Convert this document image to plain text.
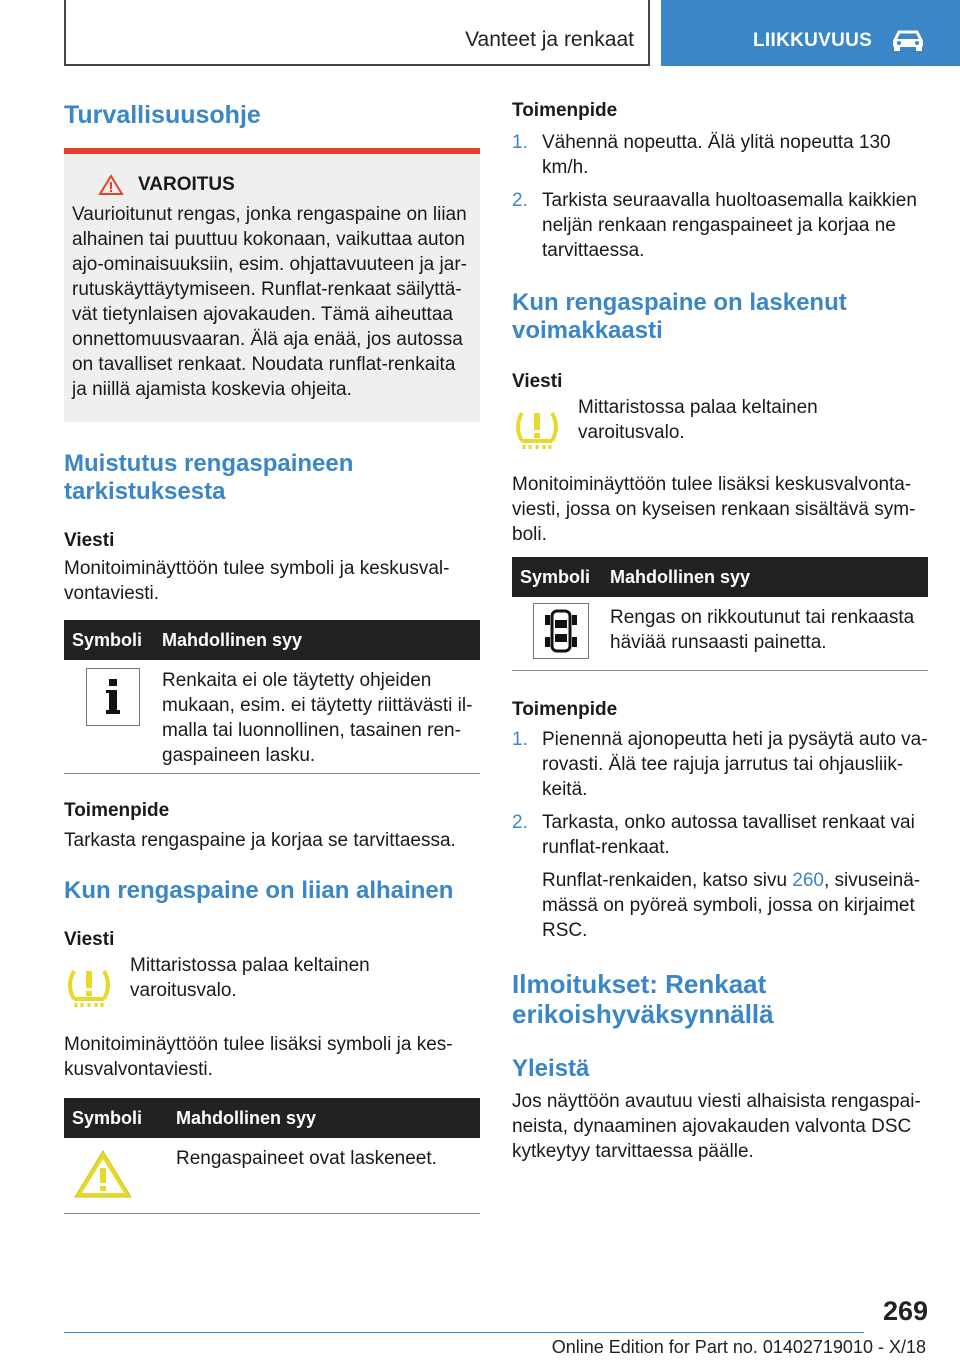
Vanteet ja renkaat	LIIKKUVUUS
Turvallisuusohje
VAROITUS
Vaurioitunut rengas, jonka rengaspaine on liian alhainen tai puuttuu kokonaan, vaikuttaa auton ajo-ominaisuuksiin, esim. ohjattavuuteen ja jarrutuskäyttäytymiseen. Runflat-renkaat säilyttävät tietynlaisen ajovakauden. Tämä aiheuttaa onnettomuusvaaran. Älä aja enää, jos autossa on tavalliset renkaat. Noudata runflat-renkaita ja niillä ajamista koskevia ohjeita.
Muistutus rengaspaineen tarkistuksesta
Viesti
Monitoiminäyttöön tulee symboli ja keskusvalvontaviesti.
Symboli	Mahdollinen syy
Renkaita ei ole täytetty ohjeiden mukaan, esim. ei täytetty riittävästi ilmalla tai luonnollinen, tasainen rengaspaineen lasku.
Toimenpide
Tarkasta rengaspaine ja korjaa se tarvittaessa.
Kun rengaspaine on liian alhainen
Viesti
Mittaristossa palaa keltainen varoitusvalo.
Monitoiminäyttöön tulee lisäksi symboli ja keskusvalvontaviesti.
Symboli	Mahdollinen syy
Rengaspaineet ovat laskeneet.
Toimenpide
1. Vähennä nopeutta. Älä ylitä nopeutta 130 km/h.
2. Tarkista seuraavalla huoltoasemalla kaikkien neljän renkaan rengaspaineet ja korjaa ne tarvittaessa.
Kun rengaspaine on laskenut voimakkaasti
Viesti
Mittaristossa palaa keltainen varoitusvalo.
Monitoiminäyttöön tulee lisäksi keskusvalvontaviesti, jossa on kyseisen renkaan sisältävä symboli.
Symboli	Mahdollinen syy
Rengas on rikkoutunut tai renkaasta häviää runsaasti painetta.
Toimenpide
1. Pienennä ajonopeutta heti ja pysäytä auto varovasti. Älä tee rajuja jarrutus tai ohjausliikkeitä.
2. Tarkasta, onko autossa tavalliset renkaat vai runflat-renkaat.
Runflat-renkaiden, katso sivu 260, sivuseinämässä on pyöreä symboli, jossa on kirjaimet RSC.
Ilmoitukset: Renkaat erikoishyväksynnällä
Yleistä
Jos näyttöön avautuu viesti alhaisista rengaspaineista, dynaaminen ajovakauden valvonta DSC kytkeytyy tarvittaessa päälle.
269
Online Edition for Part no. 01402719010 - X/18
